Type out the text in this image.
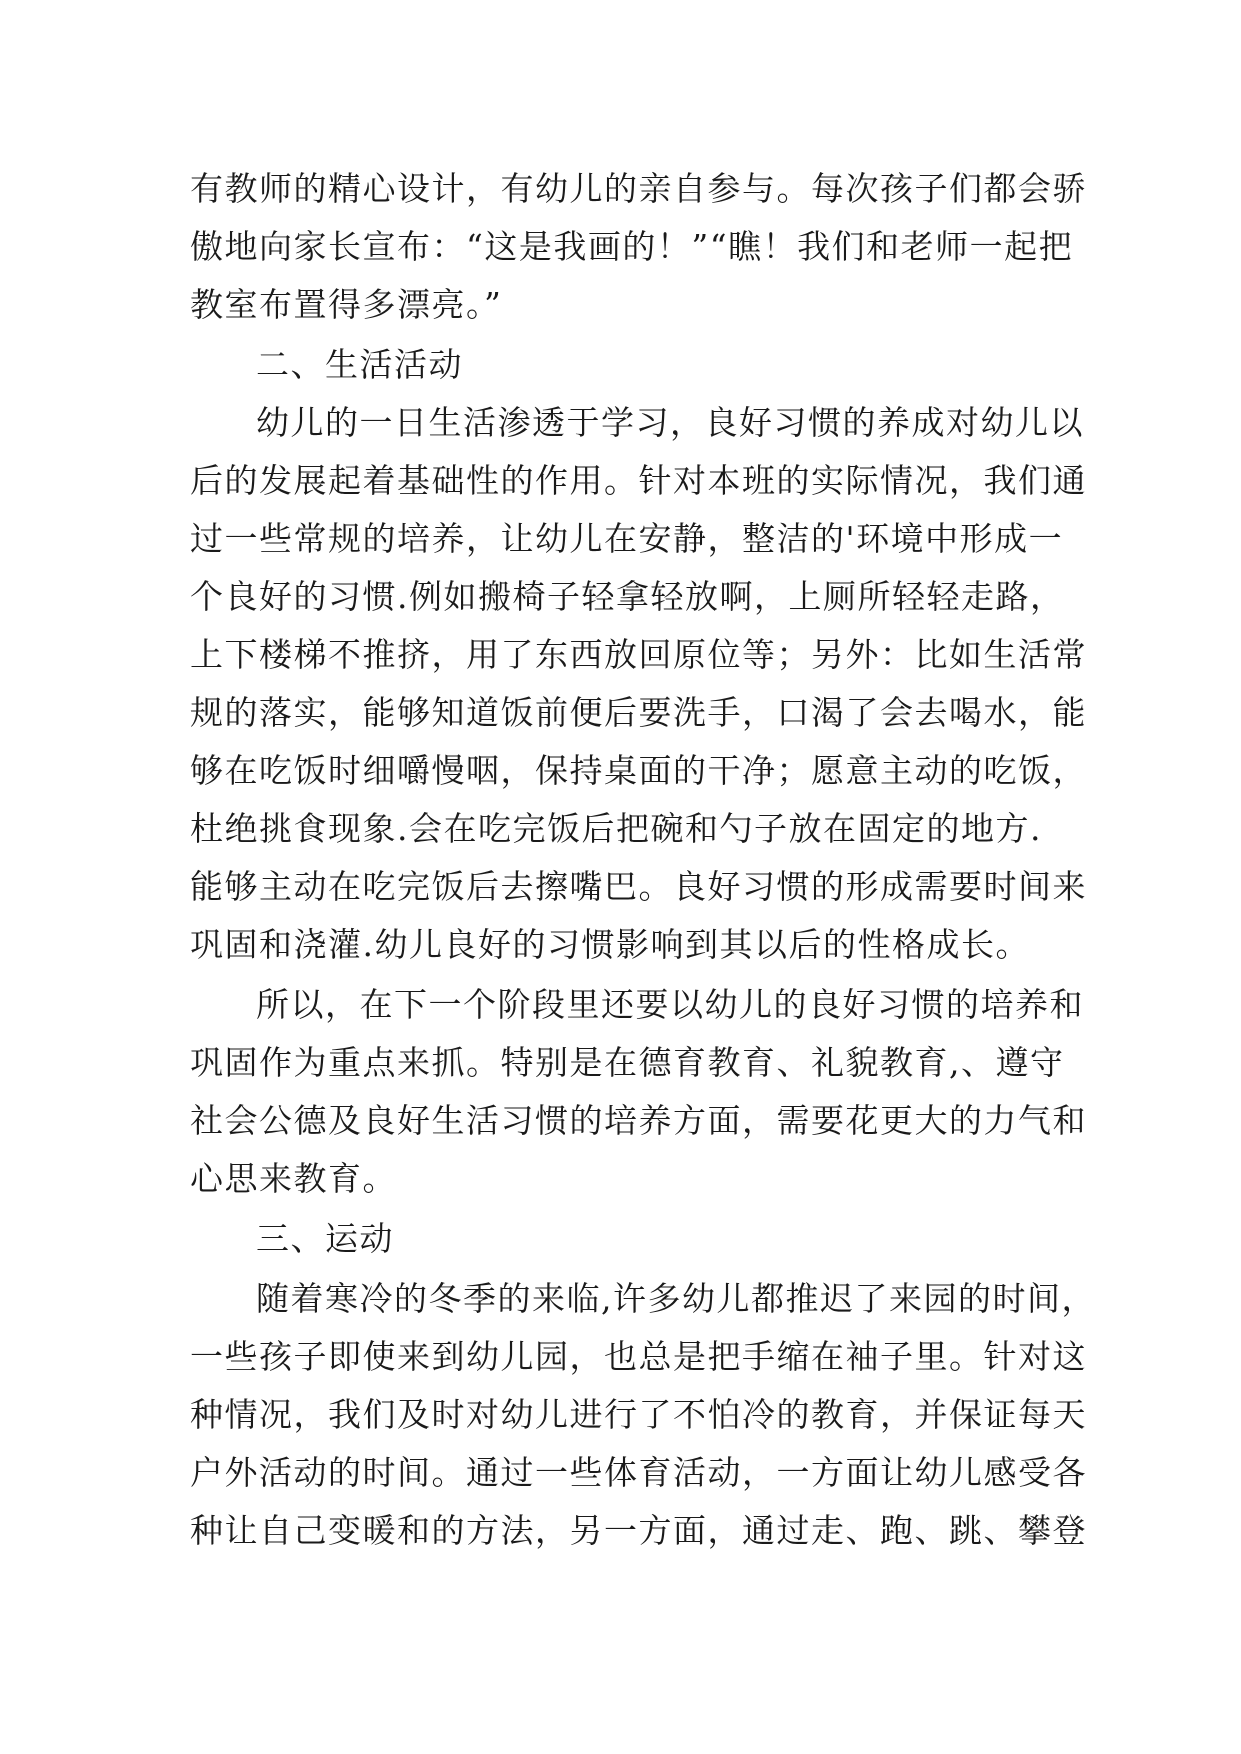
有教师的精心设计，有幼儿的亲自参与。每次孩子们都会骄
傲地向家长宣布：“这是我画的！”“瞧！我们和老师一起把
教室布置得多漂亮。”
二、生活活动
幼儿的一日生活渗透于学习，良好习惯的养成对幼儿以
后的发展起着基础性的作用。针对本班的实际情况，我们通
过一些常规的培养，让幼儿在安静，整洁的'环境中形成一
个良好的习惯.例如搬椅子轻拿轻放啊，上厕所轻轻走路，
上下楼梯不推挤，用了东西放回原位等；另外：比如生活常
规的落实，能够知道饭前便后要洗手，口渴了会去喝水，能
够在吃饭时细嚼慢咽，保持桌面的干净；愿意主动的吃饭，
杜绝挑食现象.会在吃完饭后把碗和勺子放在固定的地方.
能够主动在吃完饭后去擦嘴巴。良好习惯的形成需要时间来
巩固和浇灌.幼儿良好的习惯影响到其以后的性格成长。
所以，在下一个阶段里还要以幼儿的良好习惯的培养和
巩固作为重点来抓。特别是在德育教育、礼貌教育,、遵守
社会公德及良好生活习惯的培养方面，需要花更大的力气和
心思来教育。
三、运动
随着寒冷的冬季的来临,许多幼儿都推迟了来园的时间，
一些孩子即使来到幼儿园，也总是把手缩在袖子里。针对这
种情况，我们及时对幼儿进行了不怕冷的教育，并保证每天
户外活动的时间。通过一些体育活动，一方面让幼儿感受各
种让自己变暖和的方法，另一方面，通过走、跑、跳、攀登
